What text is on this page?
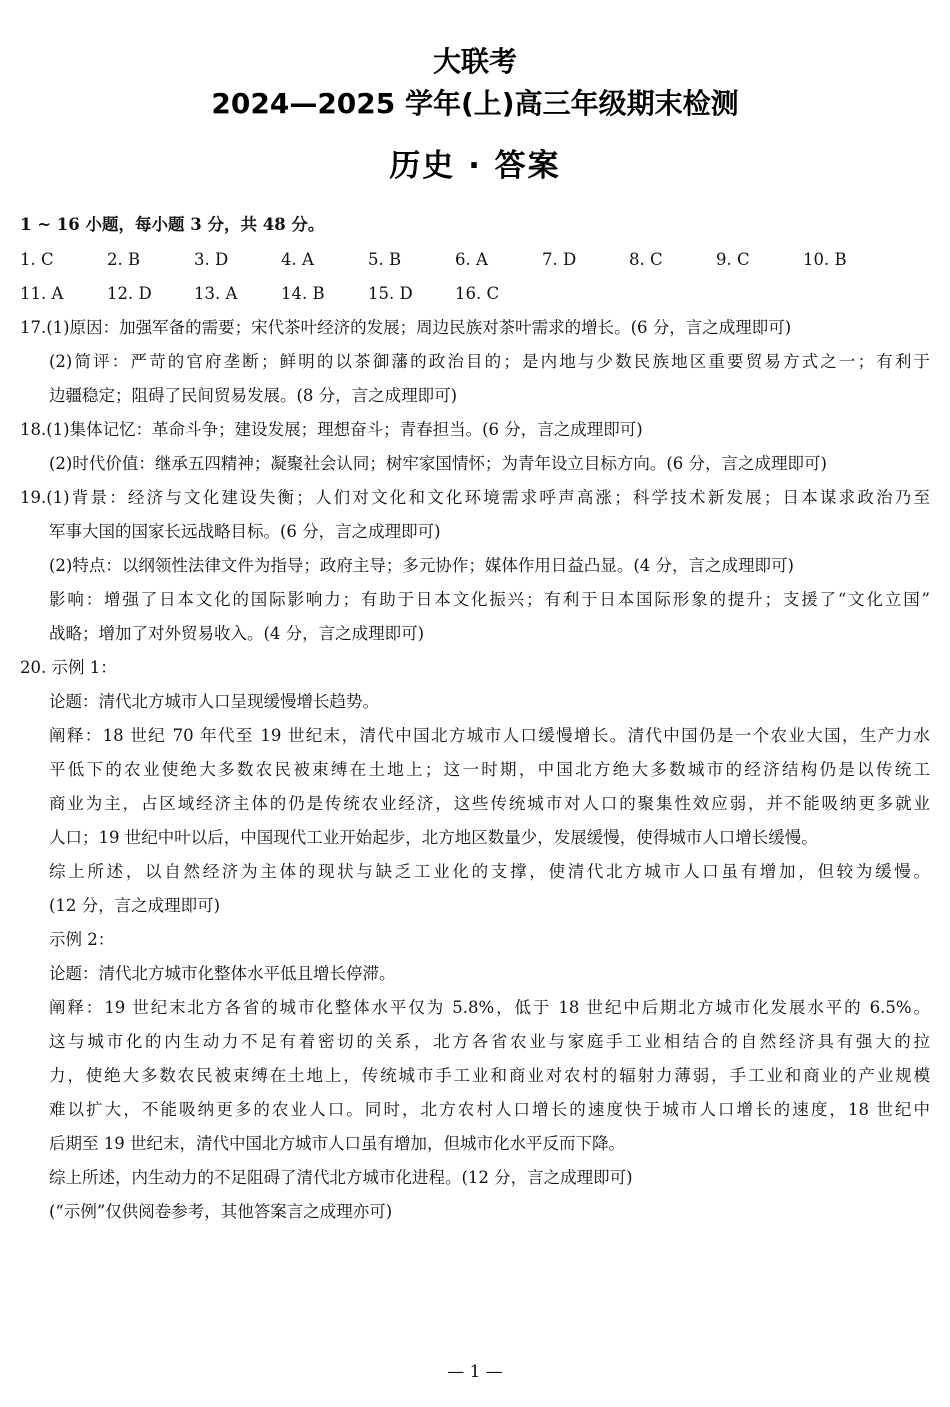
大联考
2024—2025 学年(上)高三年级期末检测
历史 · 答案
1 ~ 16 小题，每小题 3 分，共 48 分。
1. C	2. B	3. D	4. A	5. B	6. A	7. D	8. C	9. C	10. B
11. A	12. D	13. A	14. B	15. D	16. C
17.(1)原因：加强军备的需要；宋代茶叶经济的发展；周边民族对茶叶需求的增长。(6 分，言之成理即可)
(2)简评：严苛的官府垄断；鲜明的以茶御藩的政治目的；是内地与少数民族地区重要贸易方式之一；有利于
边疆稳定；阻碍了民间贸易发展。(8 分，言之成理即可)
18.(1)集体记忆：革命斗争；建设发展；理想奋斗；青春担当。(6 分，言之成理即可)
(2)时代价值：继承五四精神；凝聚社会认同；树牢家国情怀；为青年设立目标方向。(6 分，言之成理即可)
19.(1)背景：经济与文化建设失衡；人们对文化和文化环境需求呼声高涨；科学技术新发展；日本谋求政治乃至
军事大国的国家长远战略目标。(6 分，言之成理即可)
(2)特点：以纲领性法律文件为指导；政府主导；多元协作；媒体作用日益凸显。(4 分，言之成理即可)
影响：增强了日本文化的国际影响力；有助于日本文化振兴；有利于日本国际形象的提升；支援了“文化立国”
战略；增加了对外贸易收入。(4 分，言之成理即可)
20. 示例 1：
论题：清代北方城市人口呈现缓慢增长趋势。
阐释：18 世纪 70 年代至 19 世纪末，清代中国北方城市人口缓慢增长。清代中国仍是一个农业大国，生产力水
平低下的农业使绝大多数农民被束缚在土地上；这一时期，中国北方绝大多数城市的经济结构仍是以传统工
商业为主，占区域经济主体的仍是传统农业经济，这些传统城市对人口的聚集性效应弱，并不能吸纳更多就业
人口；19 世纪中叶以后，中国现代工业开始起步，北方地区数量少，发展缓慢，使得城市人口增长缓慢。
综上所述，以自然经济为主体的现状与缺乏工业化的支撑，使清代北方城市人口虽有增加，但较为缓慢。
(12 分，言之成理即可)
示例 2：
论题：清代北方城市化整体水平低且增长停滞。
阐释：19 世纪末北方各省的城市化整体水平仅为 5.8%，低于 18 世纪中后期北方城市化发展水平的 6.5%。
这与城市化的内生动力不足有着密切的关系，北方各省农业与家庭手工业相结合的自然经济具有强大的拉
力，使绝大多数农民被束缚在土地上，传统城市手工业和商业对农村的辐射力薄弱，手工业和商业的产业规模
难以扩大，不能吸纳更多的农业人口。同时，北方农村人口增长的速度快于城市人口增长的速度，18 世纪中
后期至 19 世纪末，清代中国北方城市人口虽有增加，但城市化水平反而下降。
综上所述，内生动力的不足阻碍了清代北方城市化进程。(12 分，言之成理即可)
(“示例”仅供阅卷参考，其他答案言之成理亦可)
— 1 —
